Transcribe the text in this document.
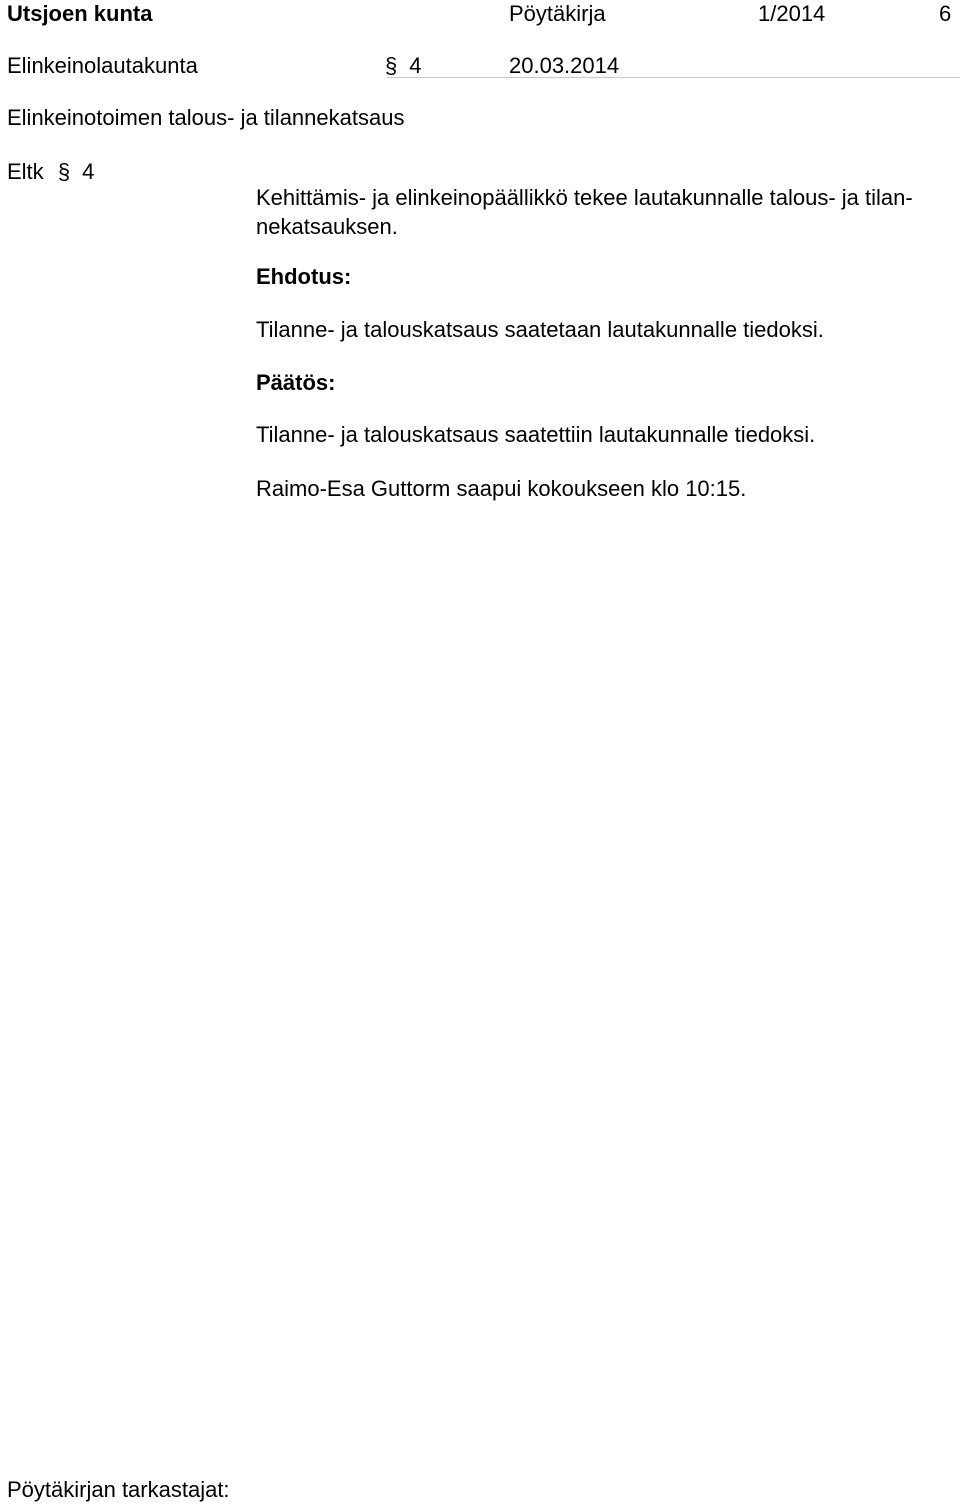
Utsjoen kunta	Pöytäkirja	1/2014	6
Elinkeinolautakunta	§ 4	20.03.2014
Elinkeinotoimen talous- ja tilannekatsaus
Eltk § 4
Kehittämis- ja elinkeinopäällikkö tekee lautakunnalle talous- ja tilan-nekatsauksen.
Ehdotus:
Tilanne- ja talouskatsaus saatetaan lautakunnalle tiedoksi.
Päätös:
Tilanne- ja talouskatsaus saatettiin lautakunnalle tiedoksi.
Raimo-Esa Guttorm saapui kokoukseen klo 10:15.
Pöytäkirjan tarkastajat:
